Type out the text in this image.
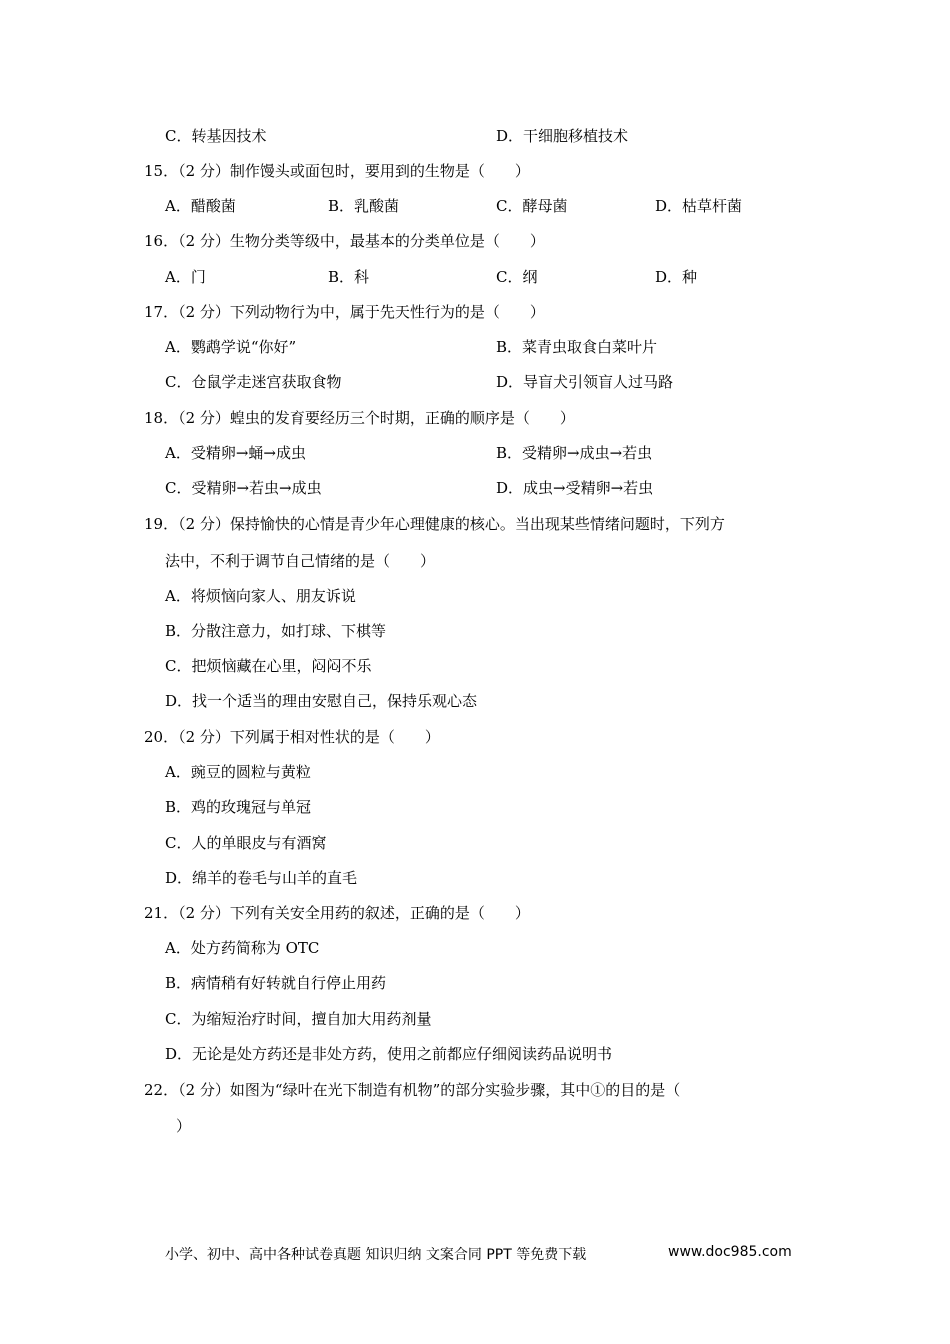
C．转基因技术	D．干细胞移植技术
15．（2 分）制作馒头或面包时，要用到的生物是（　　）
A．醋酸菌	B．乳酸菌	C．酵母菌	D．枯草杆菌
16．（2 分）生物分类等级中，最基本的分类单位是（　　）
A．门	B．科	C．纲	D．种
17．（2 分）下列动物行为中，属于先天性行为的是（　　）
A．鹦鹉学说“你好”	B．菜青虫取食白菜叶片
C．仓鼠学走迷宫获取食物	D．导盲犬引领盲人过马路
18．（2 分）蝗虫的发育要经历三个时期，正确的顺序是（　　）
A．受精卵→蛹→成虫	B．受精卵→成虫→若虫
C．受精卵→若虫→成虫	D．成虫→受精卵→若虫
19．（2 分）保持愉快的心情是青少年心理健康的核心。当出现某些情绪问题时，下列方
法中，不利于调节自己情绪的是（　　）
A．将烦恼向家人、朋友诉说
B．分散注意力，如打球、下棋等
C．把烦恼藏在心里，闷闷不乐
D．找一个适当的理由安慰自己，保持乐观心态
20．（2 分）下列属于相对性状的是（　　）
A．豌豆的圆粒与黄粒
B．鸡的玫瑰冠与单冠
C．人的单眼皮与有酒窝
D．绵羊的卷毛与山羊的直毛
21．（2 分）下列有关安全用药的叙述，正确的是（　　）
A．处方药简称为 OTC
B．病情稍有好转就自行停止用药
C．为缩短治疗时间，擅自加大用药剂量
D．无论是处方药还是非处方药，使用之前都应仔细阅读药品说明书
22．（2 分）如图为“绿叶在光下制造有机物”的部分实验步骤，其中①的目的是（
）
小学、初中、高中各种试卷真题 知识归纳 文案合同 PPT 等免费下载	www.doc985.com
